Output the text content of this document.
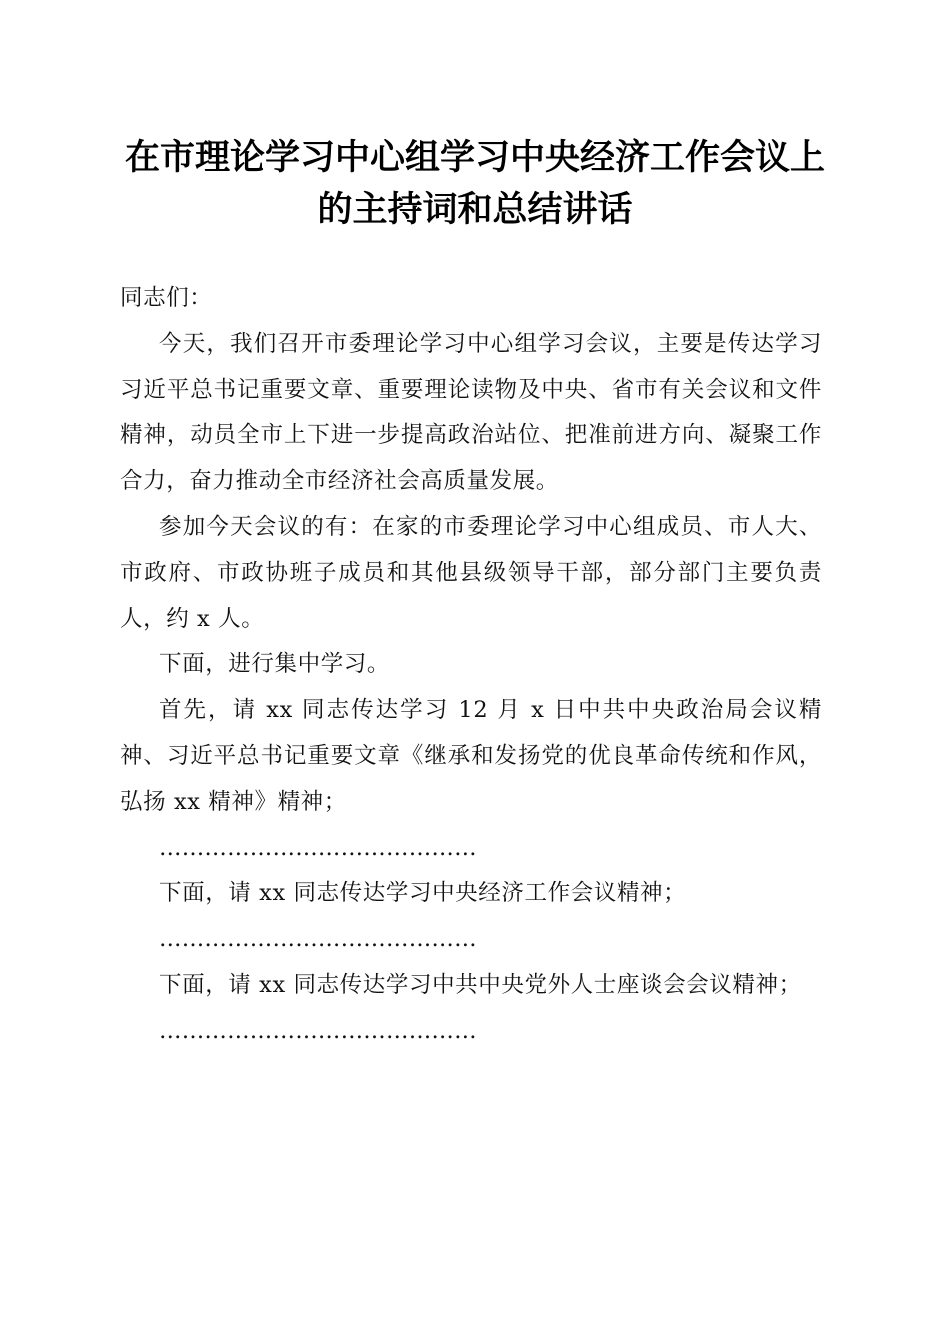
在市理论学习中心组学习中央经济工作会议上
的主持词和总结讲话

同志们：

今天，我们召开市委理论学习中心组学习会议，主要是传达学习习近平总书记重要文章、重要理论读物及中央、省市有关会议和文件精神，动员全市上下进一步提高政治站位、把准前进方向、凝聚工作合力，奋力推动全市经济社会高质量发展。

参加今天会议的有：在家的市委理论学习中心组成员、市人大、市政府、市政协班子成员和其他县级领导干部，部分部门主要负责人，约 x 人。

下面，进行集中学习。

首先，请 xx 同志传达学习 12 月 x 日中共中央政治局会议精神、习近平总书记重要文章《继承和发扬党的优良革命传统和作风，弘扬 xx 精神》精神；

……………………………………

下面，请 xx 同志传达学习中央经济工作会议精神；

……………………………………

下面，请 xx 同志传达学习中共中央党外人士座谈会会议精神；

……………………………………
